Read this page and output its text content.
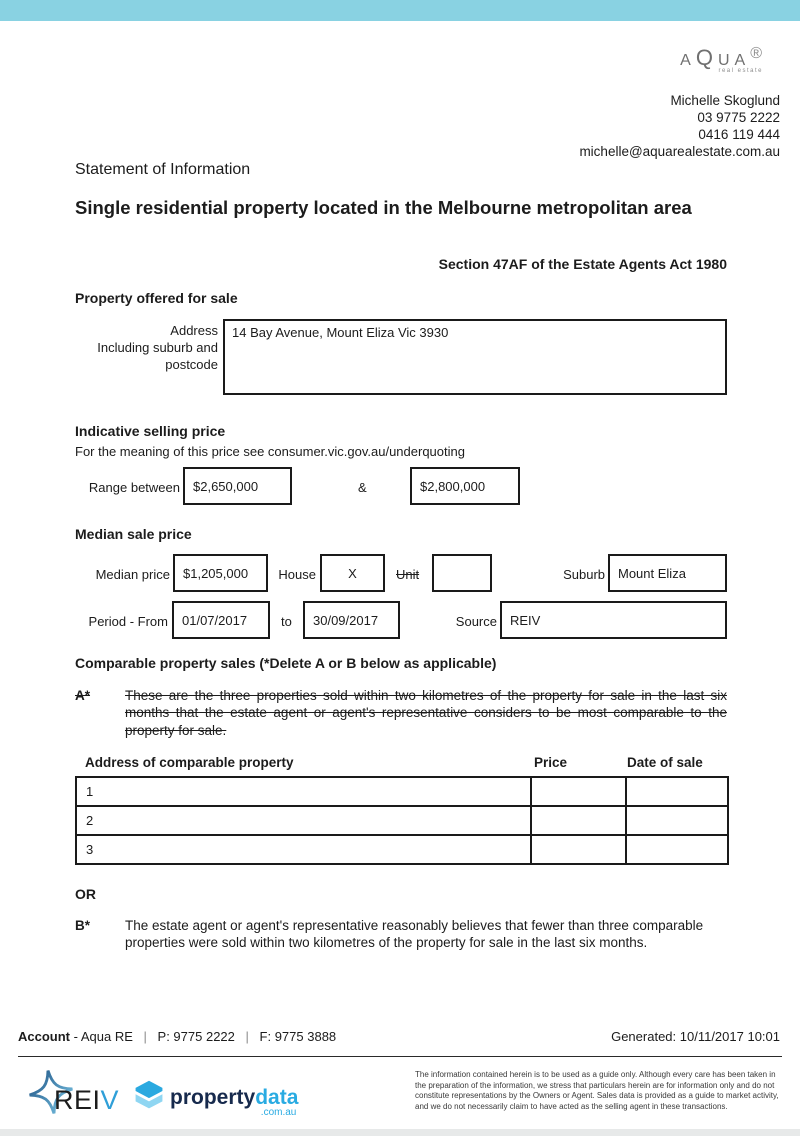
AQUA®
real estate
Michelle Skoglund
03 9775 2222
0416 119 444
michelle@aquarealestate.com.au
Statement of Information
Single residential property located in the Melbourne metropolitan area
Section 47AF of the Estate Agents Act 1980
Property offered for sale
Address
Including suburb and
postcode
14 Bay Avenue, Mount Eliza Vic 3930
Indicative selling price
For the meaning of this price see consumer.vic.gov.au/underquoting
Range between	$2,650,000	&	$2,800,000
Median sale price
Median price	$1,205,000	House	X	Unit	Suburb	Mount Eliza
Period - From	01/07/2017	to	30/09/2017	Source	REIV
Comparable property sales (*Delete A or B below as applicable)
A*	These are the three properties sold within two kilometres of the property for sale in the last six months that the estate agent or agent's representative considers to be most comparable to the property for sale.
Address of comparable property	Price	Date of sale
1		
2		
3		
OR
B*	The estate agent or agent's representative reasonably believes that fewer than three comparable properties were sold within two kilometres of the property for sale in the last six months.
Account - Aqua RE | P: 9775 2222 | F: 9775 3888	Generated: 10/11/2017 10:01
REIV propertydata
.com.au
The information contained herein is to be used as a guide only. Although every care has been taken in the preparation of the information, we stress that particulars herein are for information only and do not constitute representations by the Owners or Agent. Sales data is provided as a guide to market activity, and we do not necessarily claim to have acted as the selling agent in these transactions.
